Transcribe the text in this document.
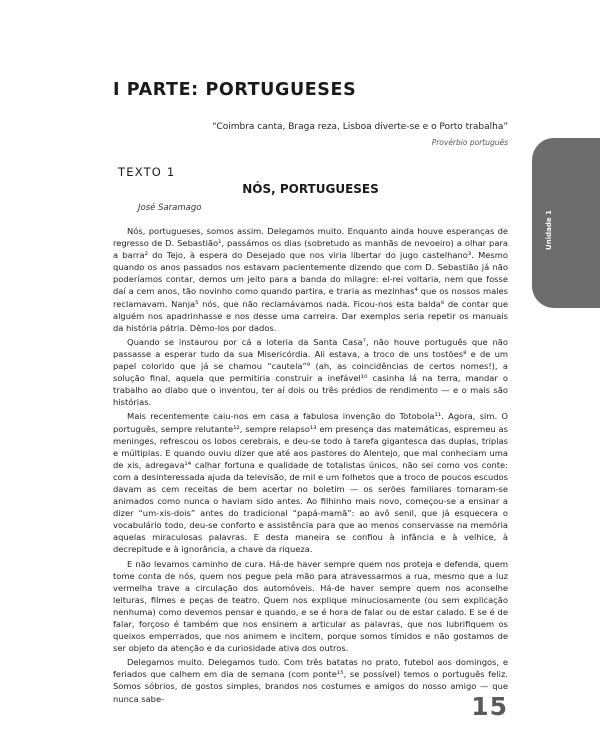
I PARTE: PORTUGUESES

“Coimbra canta, Braga reza, Lisboa diverte-se e o Porto trabalha”

Provérbio português

TEXTO 1
NÓS, PORTUGUESES

José Saramago

Nós, portugueses, somos assim. Delegamos muito. Enquanto ainda houve esperanças de regresso de D. Sebastião¹, passámos os dias (sobretudo as manhãs de nevoeiro) a olhar para a barra² do Tejo, à espera do Desejado que nos viria libertar do jugo castelhano³. Mesmo quando os anos passados nos estavam pacientemente dizendo que com D. Sebastião já não poderíamos contar, demos um jeito para a banda do milagre: el-rei voltaria, nem que fosse daí a cem anos, tão novinho como quando partira, e traria as mezinhas⁴ que os nossos males reclamavam. Nanja⁵ nós, que não reclamávamos nada. Ficou-nos esta balda⁶ de contar que alguém nos apadrinhasse e nos desse uma carreira. Dar exemplos seria repetir os manuais da história pátria. Dêmo-los por dados.

Quando se instaurou por cá a loteria da Santa Casa⁷, não houve português que não passasse a esperar tudo da sua Misericórdia. Ali estava, a troco de uns tostões⁸ e de um papel colorido que já se chamou “cautela”⁹ (ah, as coincidências de certos nomes!), a solução final, aquela que permitiria construir a inefável¹⁰ casinha lá na terra, mandar o trabalho ao diabo que o inventou, ter aí dois ou três prédios de rendimento — e o mais são histórias.

Mais recentemente caiu-nos em casa a fabulosa invenção do Totobola¹¹. Agora, sim. O português, sempre relutante¹², sempre relapso¹³ em presença das matemáticas, espremeu as meninges, refrescou os lobos cerebrais, e deu-se todo à tarefa gigantesca das duplas, triplas e múltiplas. E quando ouviu dizer que até aos pastores do Alentejo, que mal conheciam uma de xis, adregava¹⁴ calhar fortuna e qualidade de totalistas únicos, não sei como vos conte: com a desinteressada ajuda da televisão, de mil e um folhetos que a troco de poucos escudos davam as cem receitas de bem acertar no boletim — os serões familiares tornaram-se animados como nunca o haviam sido antes. Ao filhinho mais novo, começou-se a ensinar a dizer “um-xis-dois” antes do tradicional “papá-mamã”: ao avô senil, que já esquecera o vocabulário todo, deu-se conforto e assistência para que ao menos conservasse na memória aquelas miraculosas palavras. E desta maneira se confiou à infância e à velhice, à decrepitude e à ignorância, a chave da riqueza.

E não levamos caminho de cura. Há-de haver sempre quem nos proteja e defenda, quem tome conta de nós, quem nos pegue pela mão para atravessarmos a rua, mesmo que a luz vermelha trave a circulação dos automóveis. Há-de haver sempre quem nos aconselhe leituras, filmes e peças de teatro. Quem nos explique minuciosamente (ou sem explicação nenhuma) como devemos pensar e quando, e se é hora de falar ou de estar calado. E se é de falar, forçoso é também que nos ensinem a articular as palavras, que nos lubrifiquem os queixos emperrados, que nos animem e incitem, porque somos tímidos e não gostamos de ser objeto da atenção e da curiosidade ativa dos outros.

Delegamos muito. Delegamos tudo. Com três batatas no prato, futebol aos domingos, e feriados que calhem em dia de semana (com ponte¹⁵, se possível) temos o português feliz. Somos sóbrios, de gostos simples, brandos nos costumes e amigos do nosso amigo — que nunca sabe-

Unidade 1
15
